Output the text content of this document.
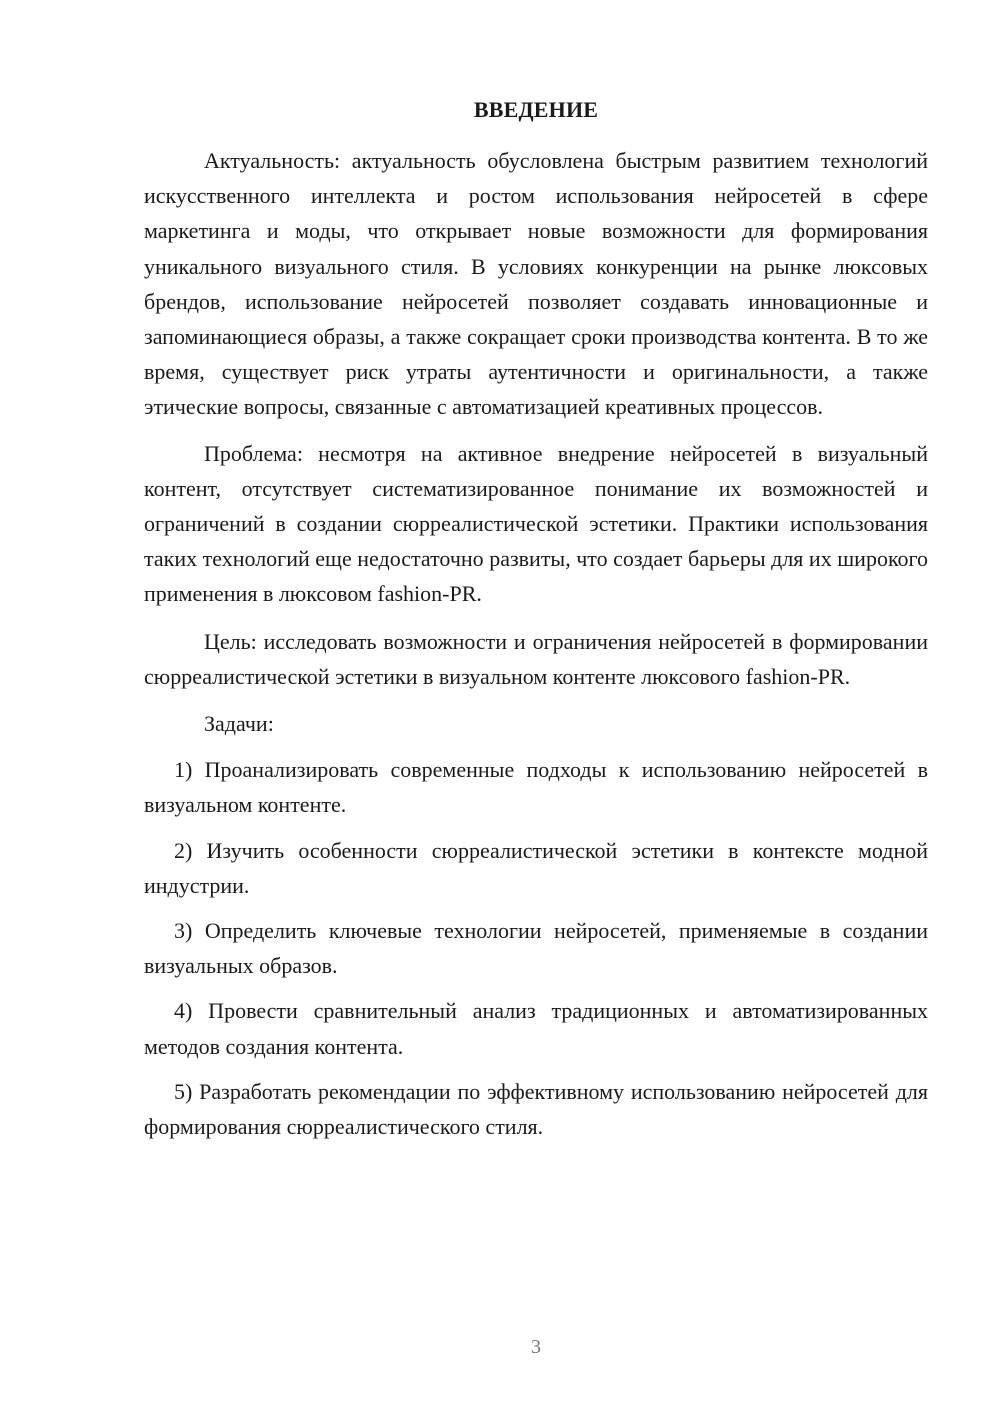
ВВЕДЕНИЕ

Актуальность: актуальность обусловлена быстрым развитием технологий искусственного интеллекта и ростом использования нейросетей в сфере маркетинга и моды, что открывает новые возможности для формирования уникального визуального стиля. В условиях конкуренции на рынке люксовых брендов, использование нейросетей позволяет создавать инновационные и запоминающиеся образы, а также сокращает сроки производства контента. В то же время, существует риск утраты аутентичности и оригинальности, а также этические вопросы, связанные с автоматизацией креативных процессов.

Проблема: несмотря на активное внедрение нейросетей в визуальный контент, отсутствует систематизированное понимание их возможностей и ограничений в создании сюрреалистической эстетики. Практики использования таких технологий еще недостаточно развиты, что создает барьеры для их широкого применения в люксовом fashion-PR.

Цель: исследовать возможности и ограничения нейросетей в формировании сюрреалистической эстетики в визуальном контенте люксового fashion-PR.

Задачи:

1) Проанализировать современные подходы к использованию нейросетей в визуальном контенте.

2) Изучить особенности сюрреалистической эстетики в контексте модной индустрии.

3) Определить ключевые технологии нейросетей, применяемые в создании визуальных образов.

4) Провести сравнительный анализ традиционных и автоматизированных методов создания контента.

5) Разработать рекомендации по эффективному использованию нейросетей для формирования сюрреалистического стиля.

3
